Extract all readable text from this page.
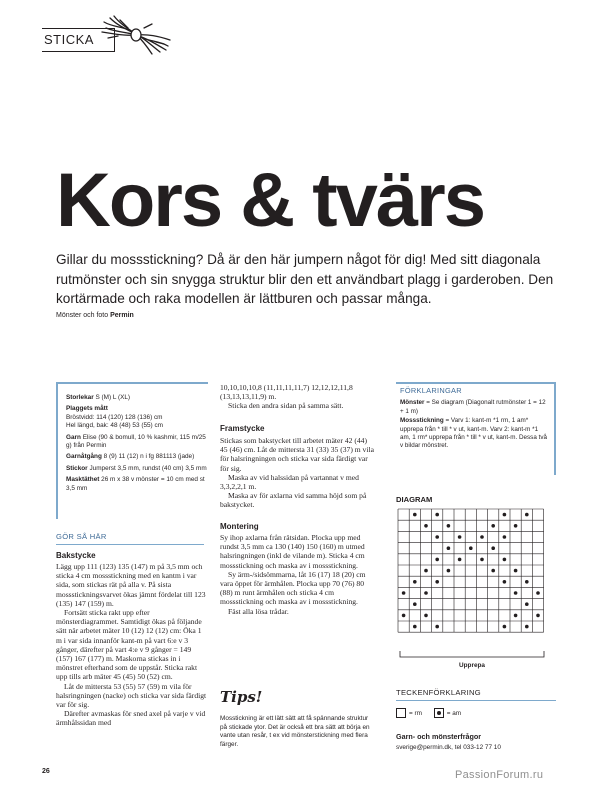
STICKA
Kors & tvärs
Gillar du mossstickning? Då är den här jumpern något för dig! Med sitt diagonala rutmönster och sin snygga struktur blir den ett användbart plagg i garderoben. Den kortärmade och raka modellen är lättburen och passar många.
Mönster och foto Permin

Storlekar S (M) L (XL)

Plaggets mått

Bröstvidd: 114 (120) 128 (136) cm

Hel längd, bak: 48 (48) 53 (55) cm

Garn Elise (90 & bomull, 10 % kashmir, 115 m/25 g) från Permin

Garnåtgång 8 (9) 11 (12) n i fg 881113 (jade)

Stickor Jumperst 3,5 mm, rundst (40 cm) 3,5 mm

Masktäthet 26 m x 38 v mönster = 10 cm med st 3,5 mm

GÖR SÅ HÄR
Bakstycke

Lägg upp 111 (123) 135 (147) m på 3,5 mm och sticka 4 cm mossstickning med en kantm i var sida, som stickas rät på alla v. På sista mossstickningsvarvet ökas jämnt fördelat till 123 (135) 147 (159) m.

Fortsätt sticka rakt upp efter mönsterdiagrammet. Samtidigt ökas på följande sätt när arbetet mäter 10 (12) 12 (12) cm: Öka 1 m i var sida innanför kant-m på vart 6:e v 3 gånger, därefter på vart 4:e v 9 gånger = 149 (157) 167 (177) m. Maskorna stickas in i mönstret efterhand som de uppstår. Sticka rakt upp tills arb mäter 45 (45) 50 (52) cm.

Låt de mittersta 53 (55) 57 (59) m vila för halsringningen (nacke) och sticka var sida färdigt var för sig.

Därefter avmaskas för sned axel på varje v vid ärmhålssidan med

10,10,10,10,8 (11,11,11,11,7) 12,12,12,11,8 (13,13,13,11,9) m.

Sticka den andra sidan på samma sätt.

Framstycke

Stickas som bakstycket till arbetet mäter 42 (44) 45 (46) cm. Låt de mittersta 31 (33) 35 (37) m vila för halsringningen och sticka var sida färdigt var för sig.

Maska av vid halssidan på vartannat v med 3,3,2,2,1 m.

Maska av för axlarna vid samma höjd som på bakstycket.

Montering

Sy ihop axlarna från rätsidan. Plocka upp med rundst 3,5 mm ca 130 (140) 150 (160) m utmed halsringningen (inkl de vilande m). Sticka 4 cm mossstickning och maska av i mossstickning.

Sy ärm-/sidsömmarna, låt 16 (17) 18 (20) cm vara öppet för ärmhålen. Plocka upp 70 (76) 80 (88) m runt ärmhålen och sticka 4 cm mossstickning och maska av i mossstickning.

Fäst alla lösa trådar.

Tips!
Mosstickning är ett lätt sätt att få spännande struktur på stickade ytor. Det är också ett bra sätt att börja en vante utan resår, t ex vid mönsterstickning med flera färger.
FÖRKLARINGAR

Mönster = Se diagram (Diagonalt rutmönster 1 = 12 + 1 m)

Mossstickning = Varv 1: kant-m *1 rm, 1 am* upprepa från * till * v ut, kant-m. Varv 2: kant-m *1 am, 1 rm* upprepa från * till * v ut, kant-m. Dessa två v bildar mönstret.

DIAGRAM
Upprepa
TECKENFÖRKLARING
= rm
	= am
Garn- och mönsterfrågor
sverige@permin.dk, tel 033-12 77 10
26	PassionForum.ru
